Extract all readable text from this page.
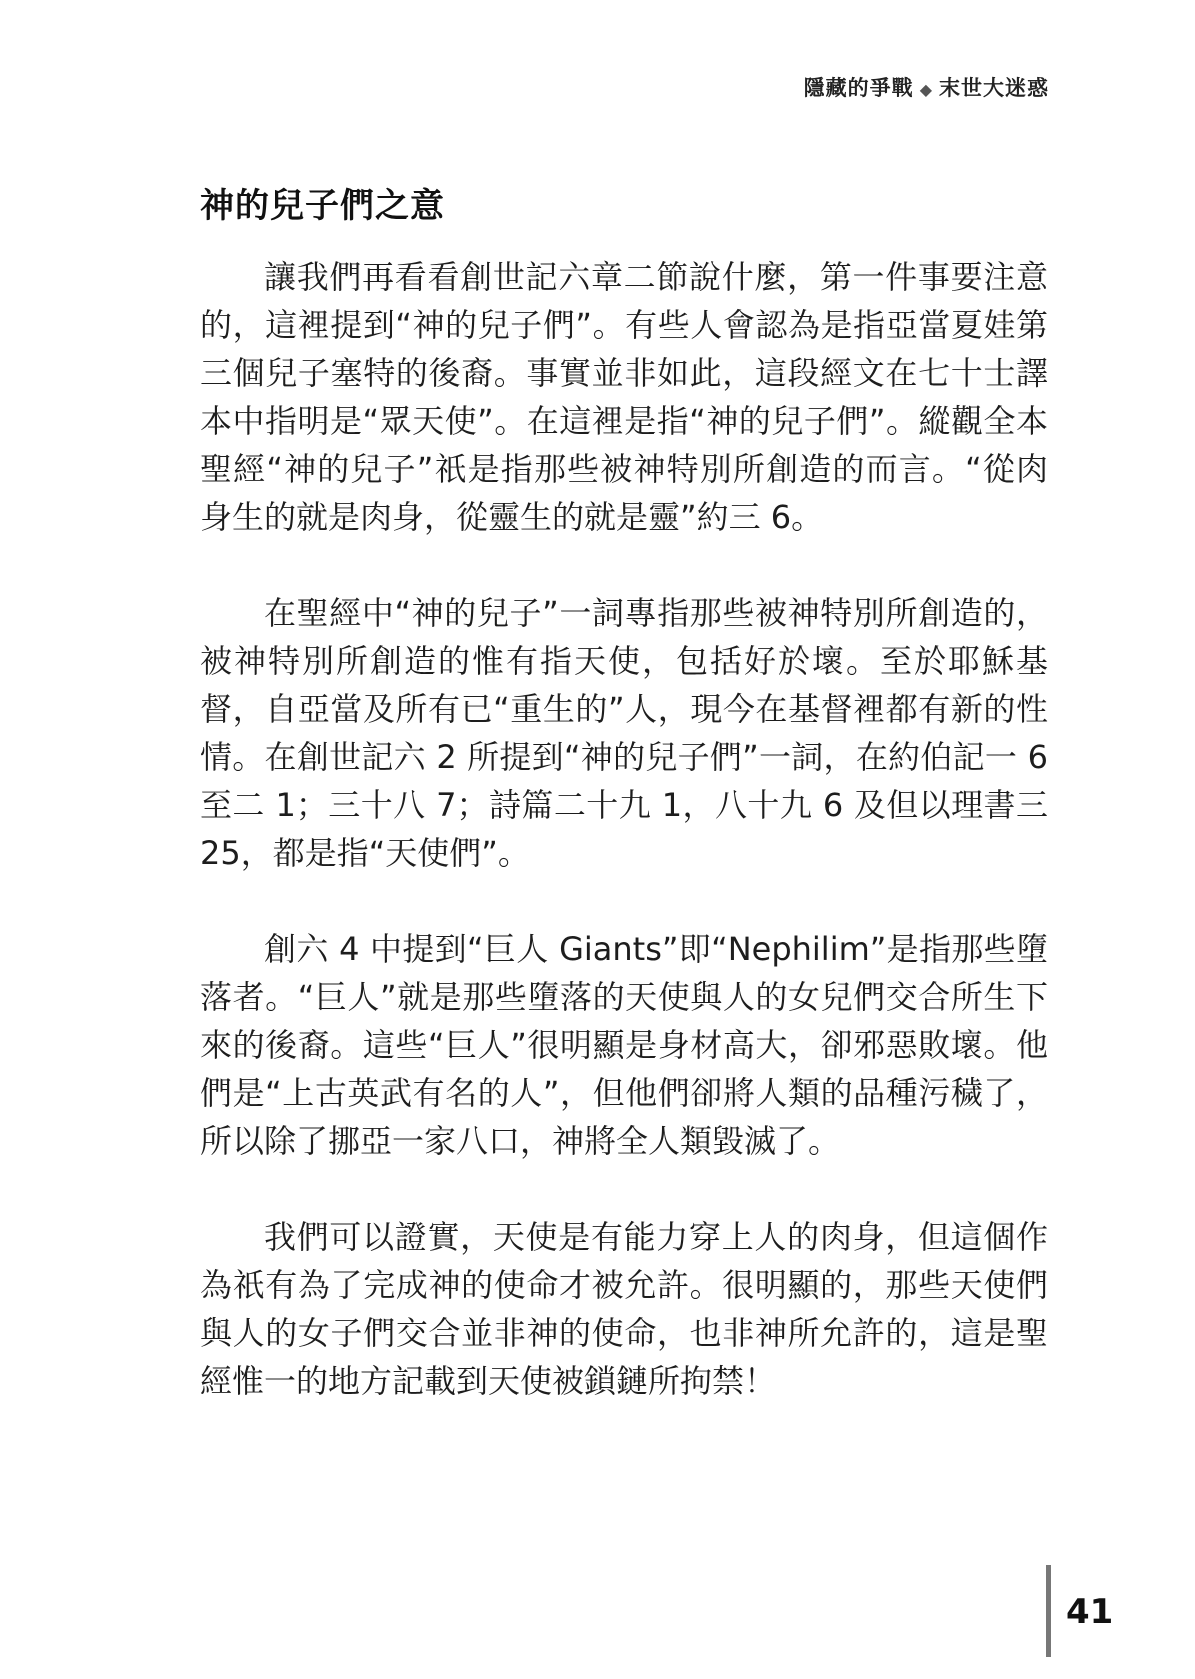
隱藏的爭戰 ◆ 末世大迷惑
神的兒子們之意

讓我們再看看創世記六章二節說什麼，第一件事要注意的，這裡提到“神的兒子們”。有些人會認為是指亞當夏娃第三個兒子塞特的後裔。事實並非如此，這段經文在七十士譯本中指明是“眾天使”。在這裡是指“神的兒子們”。縱觀全本聖經“神的兒子”祇是指那些被神特別所創造的而言。“從肉身生的就是肉身，從靈生的就是靈”約三 6。

在聖經中“神的兒子”一詞專指那些被神特別所創造的，被神特別所創造的惟有指天使，包括好於壞。至於耶穌基督，自亞當及所有已“重生的”人，現今在基督裡都有新的性情。在創世記六 2 所提到“神的兒子們”一詞，在約伯記一 6 至二 1；三十八 7；詩篇二十九 1，八十九 6 及但以理書三 25，都是指“天使們”。

創六 4 中提到“巨人 Giants”即“Nephilim”是指那些墮落者。“巨人”就是那些墮落的天使與人的女兒們交合所生下來的後裔。這些“巨人”很明顯是身材高大，卻邪惡敗壞。他們是“上古英武有名的人”，但他們卻將人類的品種污穢了，所以除了挪亞一家八口，神將全人類毀滅了。

我們可以證實，天使是有能力穿上人的肉身，但這個作為祇有為了完成神的使命才被允許。很明顯的，那些天使們與人的女子們交合並非神的使命，也非神所允許的，這是聖經惟一的地方記載到天使被鎖鏈所拘禁！

41
